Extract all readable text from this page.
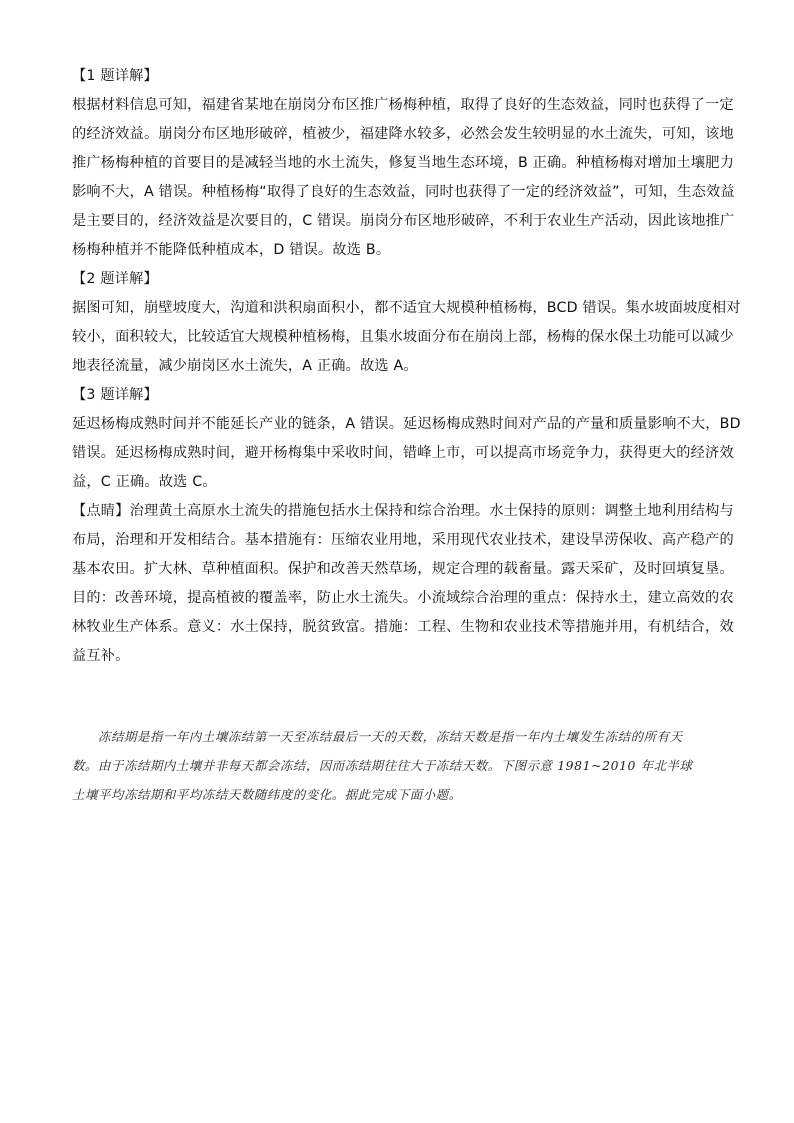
【1 题详解】
根据材料信息可知，福建省某地在崩岗分布区推广杨梅种植，取得了良好的生态效益，同时也获得了一定
的经济效益。崩岗分布区地形破碎，植被少，福建降水较多，必然会发生较明显的水土流失，可知，该地
推广杨梅种植的首要目的是减轻当地的水土流失，修复当地生态环境，B 正确。种植杨梅对增加土壤肥力
影响不大，A 错误。种植杨梅“取得了良好的生态效益，同时也获得了一定的经济效益”，可知，生态效益
是主要目的，经济效益是次要目的，C 错误。崩岗分布区地形破碎，不利于农业生产活动，因此该地推广
杨梅种植并不能降低种植成本，D 错误。故选 B。
【2 题详解】
据图可知，崩壁坡度大，沟道和洪积扇面积小，都不适宜大规模种植杨梅，BCD 错误。集水坡面坡度相对
较小，面积较大，比较适宜大规模种植杨梅，且集水坡面分布在崩岗上部，杨梅的保水保土功能可以减少
地表径流量，减少崩岗区水土流失，A 正确。故选 A。
【3 题详解】
延迟杨梅成熟时间并不能延长产业的链条，A 错误。延迟杨梅成熟时间对产品的产量和质量影响不大，BD
错误。延迟杨梅成熟时间，避开杨梅集中采收时间，错峰上市，可以提高市场竞争力，获得更大的经济效
益，C 正确。故选 C。
【点睛】治理黄土高原水土流失的措施包括水土保持和综合治理。水土保持的原则：调整土地利用结构与
布局，治理和开发相结合。基本措施有：压缩农业用地，采用现代农业技术，建设旱涝保收、高产稳产的
基本农田。扩大林、草种植面积。保护和改善天然草场，规定合理的载畜量。露天采矿，及时回填复垦。
目的：改善环境，提高植被的覆盖率，防止水土流失。小流域综合治理的重点：保持水土，建立高效的农
林牧业生产体系。意义：水土保持，脱贫致富。措施：工程、生物和农业技术等措施并用，有机结合，效
益互补。
冻结期是指一年内土壤冻结第一天至冻结最后一天的天数，冻结天数是指一年内土壤发生冻结的所有天
数。由于冻结期内土壤并非每天都会冻结，因而冻结期往往大于冻结天数。下图示意 1981~2010 年北半球
土壤平均冻结期和平均冻结天数随纬度的变化。据此完成下面小题。
